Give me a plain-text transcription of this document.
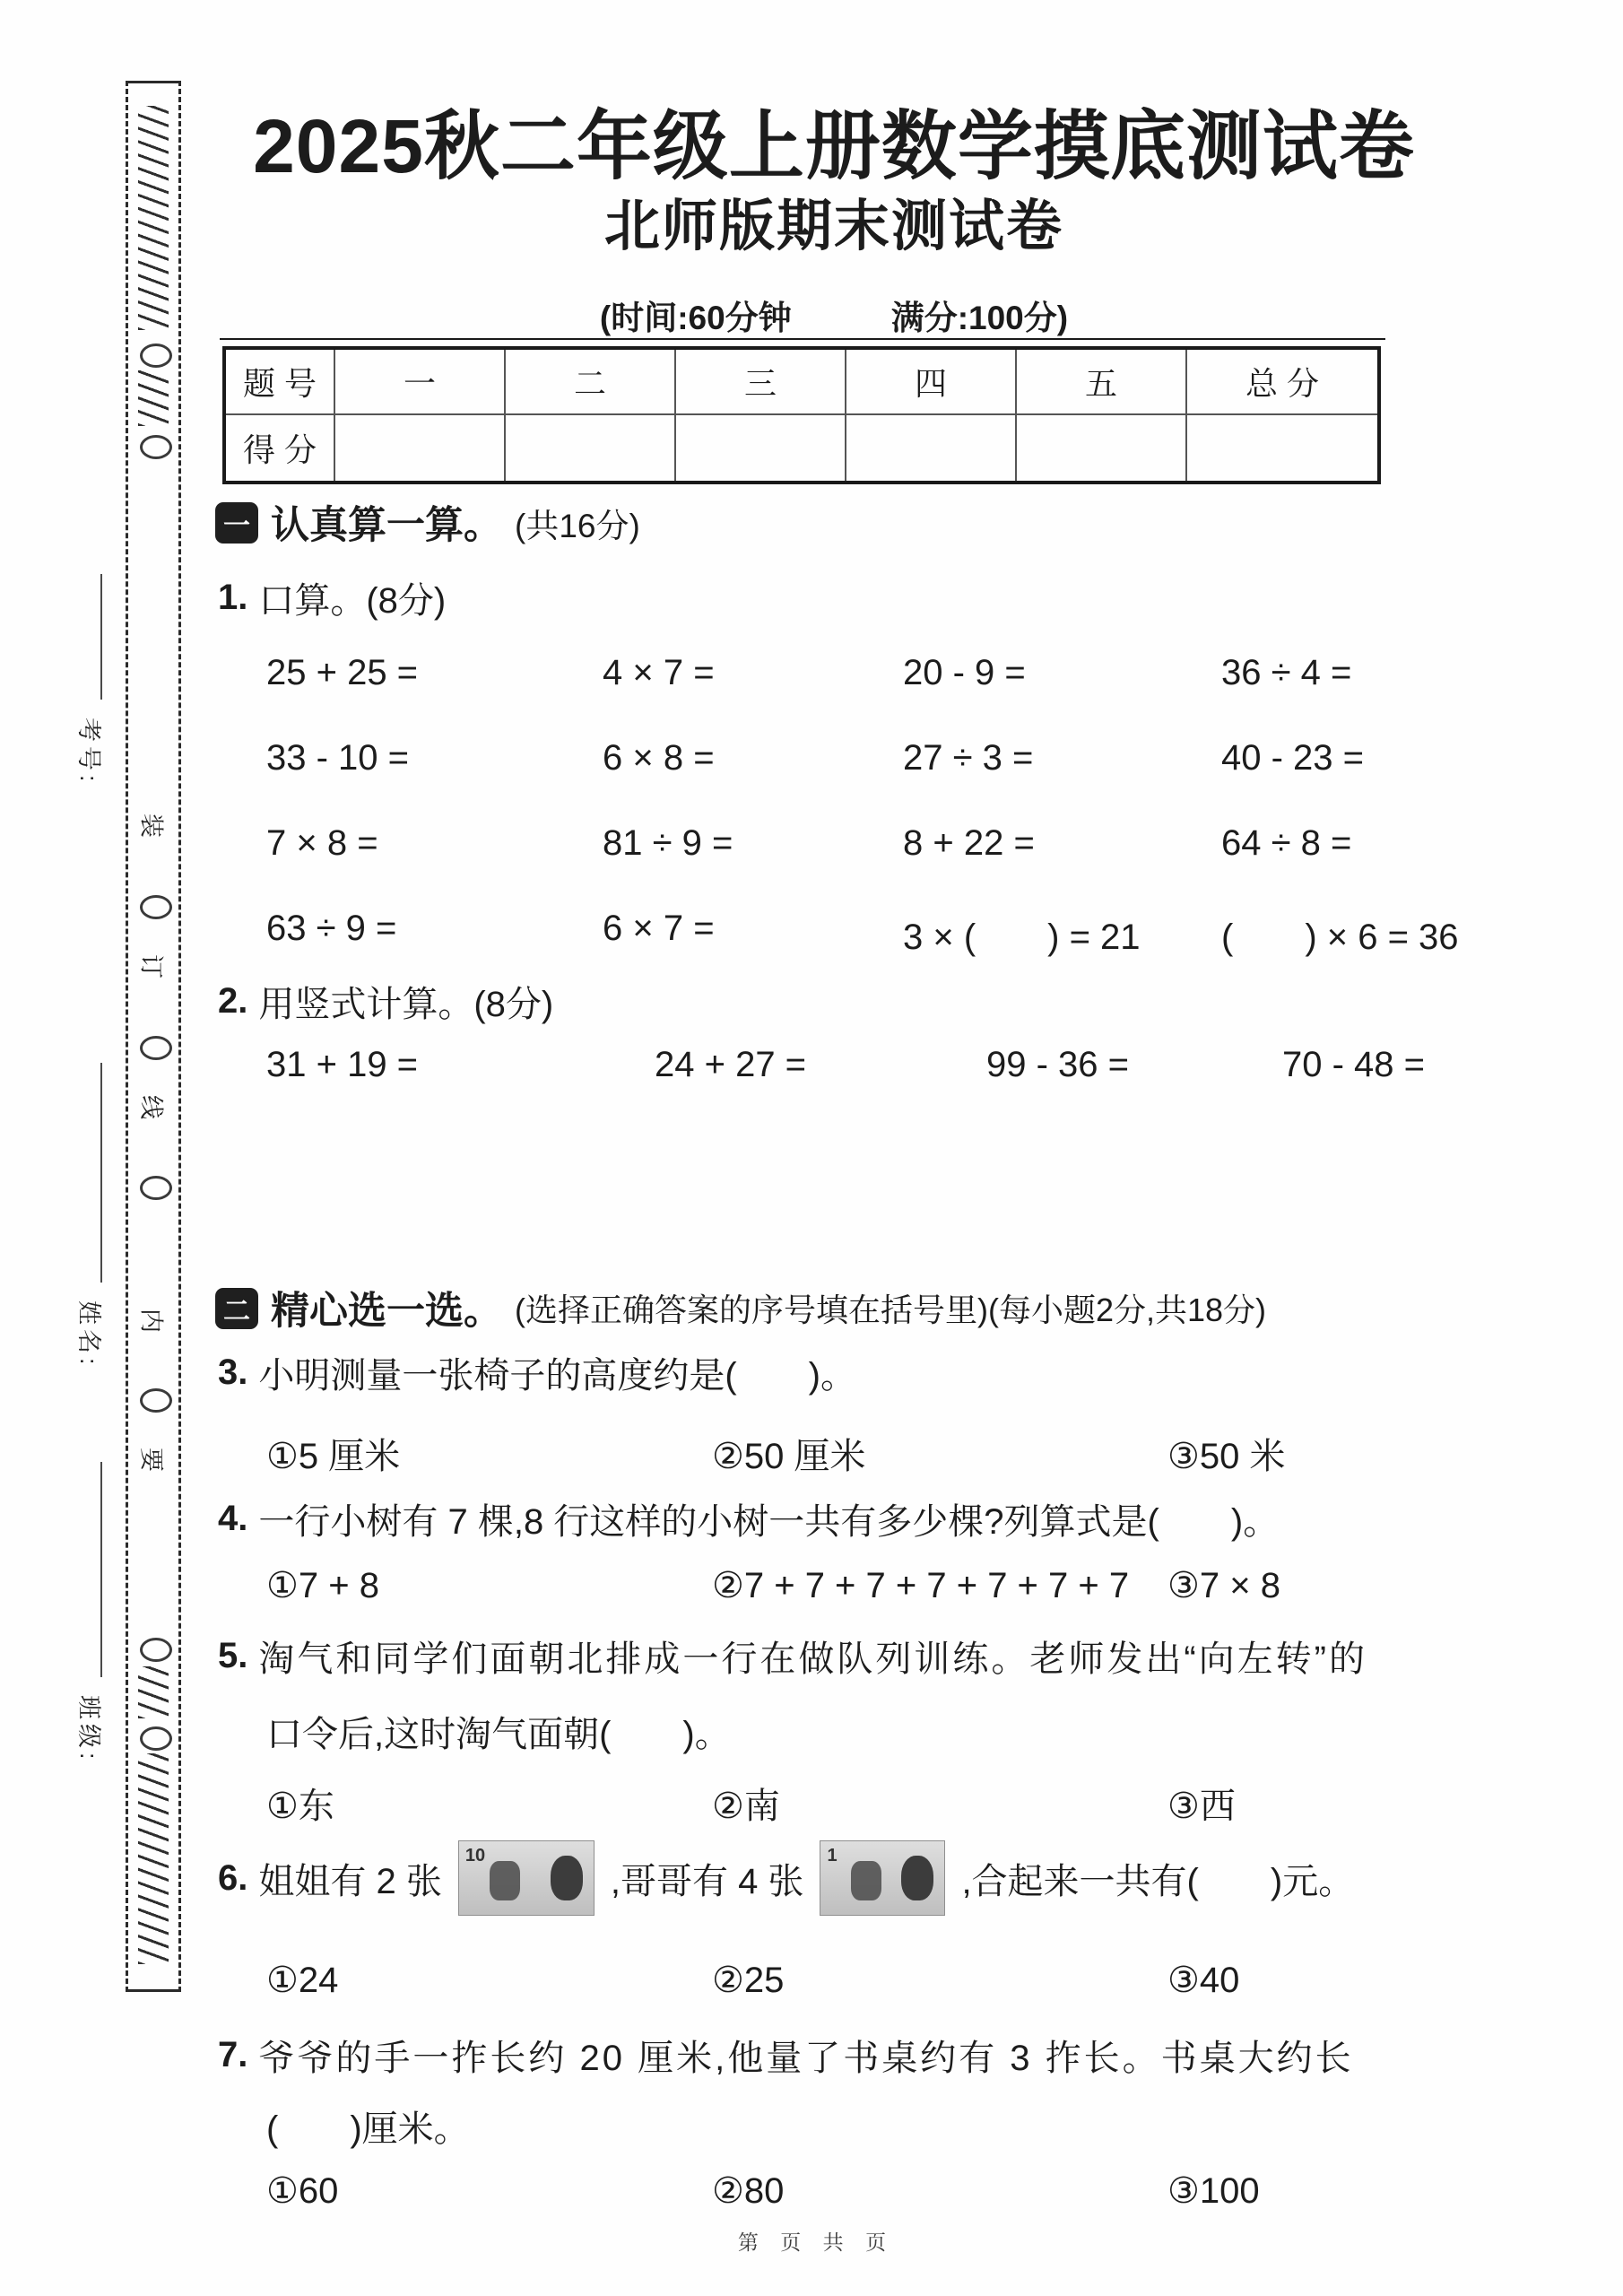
装
订
线
内
要
考号:
姓名:
班级:
2025秋二年级上册数学摸底测试卷
北师版期末测试卷
(时间:60分钟　　　满分:100分)
题 号	一	二	三	四	五	总 分
得 分
一 认真算一算。 (共16分)
1. 口算。(8分)
25 + 25 =	4 × 7 =	20 - 9 =	36 ÷ 4 =
33 - 10 =	6 × 8 =	27 ÷ 3 =	40 - 23 =
7 × 8 =	81 ÷ 9 =	8 + 22 =	64 ÷ 8 =
63 ÷ 9 =	6 × 7 =	3 × (　　) = 21	(　　) × 6 = 36
2. 用竖式计算。(8分)
31 + 19 =	24 + 27 =	99 - 36 =	70 - 48 =
二 精心选一选。 (选择正确答案的序号填在括号里)(每小题2分,共18分)
3. 小明测量一张椅子的高度约是(　　)。
①5 厘米	②50 厘米	③50 米
4. 一行小树有 7 棵,8 行这样的小树一共有多少棵?列算式是(　　)。
①7 + 8	②7 + 7 + 7 + 7 + 7 + 7 + 7	③7 × 8
5. 淘气和同学们面朝北排成一行在做队列训练。老师发出“向左转”的
口令后,这时淘气面朝(　　)。
①东	②南	③西
6. 姐姐有 2 张
10
,哥哥有 4 张
1
,合起来一共有(　　)元。
①24	②25	③40
7. 爷爷的手一拃长约 20 厘米,他量了书桌约有 3 拃长。书桌大约长
(　　)厘米。
①60	②80	③100
第 页 共 页
